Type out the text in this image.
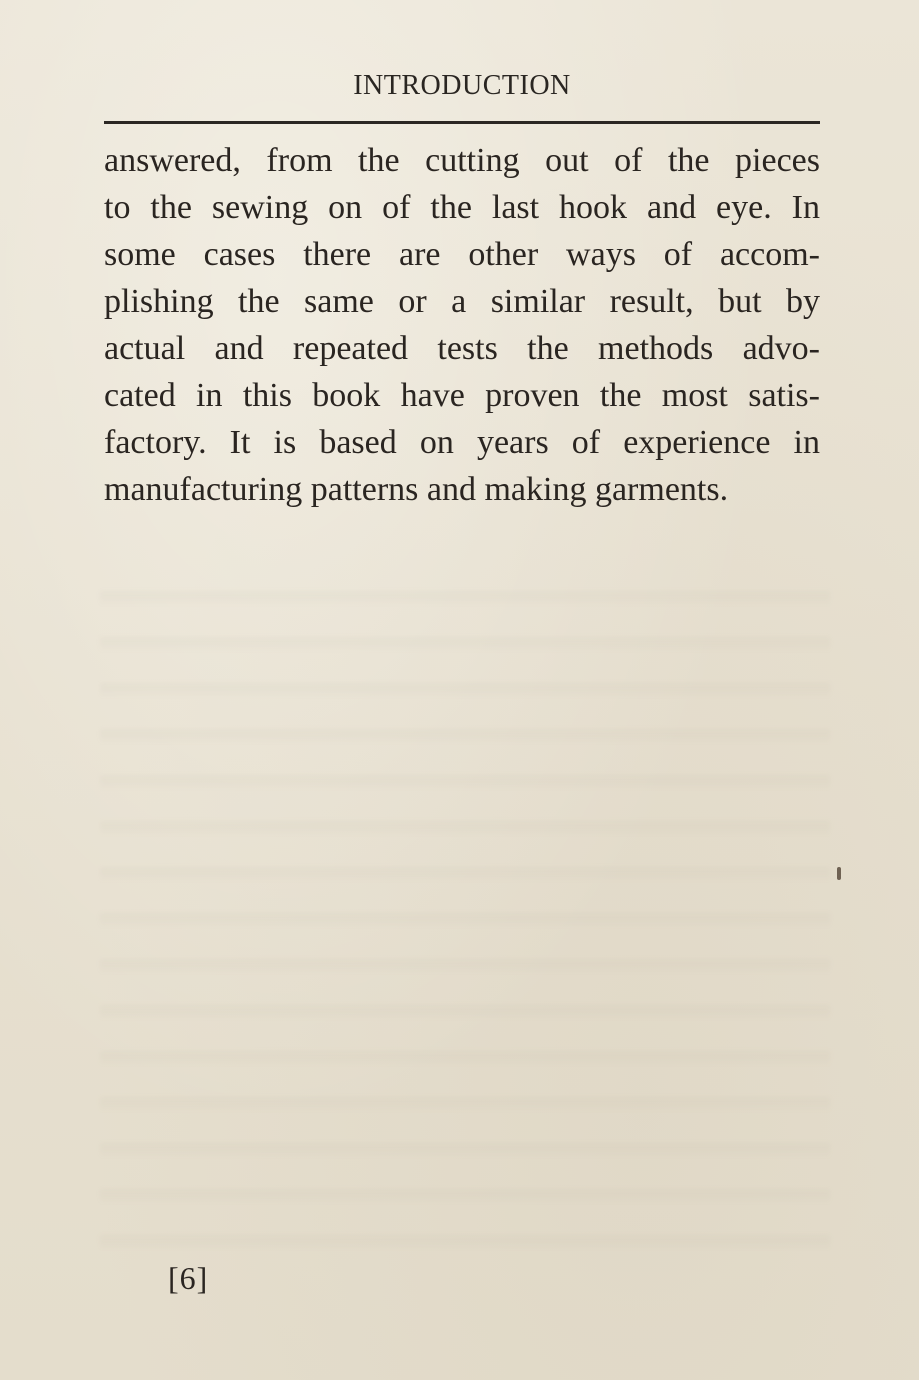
INTRODUCTION
answered, from the cutting out of the pieces
to the sewing on of the last hook and eye. In
some cases there are other ways of accom-
plishing the same or a similar result, but by
actual and repeated tests the methods advo-
cated in this book have proven the most satis-
factory. It is based on years of experience in
manufacturing patterns and making garments.
[6]
